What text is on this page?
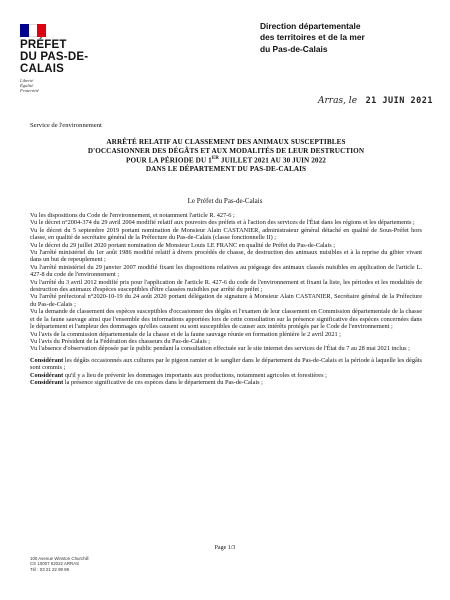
PRÉFET
DU PAS-DE-CALAIS
Liberté
Égalité
Fraternité
Direction départementale
des territoires et de la mer
du Pas-de-Calais
Arras, le 21 JUIN 2021
Service de l'environnement
ARRÊTÉ RELATIF AU CLASSEMENT DES ANIMAUX SUSCEPTIBLES
D'OCCASIONNER DES DÉGÂTS ET AUX MODALITÉS DE LEUR DESTRUCTION
POUR LA PÉRIODE DU 1ER JUILLET 2021 AU 30 JUIN 2022
DANS LE DÉPARTEMENT DU PAS-DE-CALAIS
Le Préfet du Pas-de-Calais

Vu les dispositions du Code de l'environnement, et notamment l'article R. 427-6 ;

Vu le décret n°2004-374 du 29 avril 2004 modifié relatif aux pouvoirs des préfets et à l'action des services de l'État dans les régions et les départements ;

Vu le décret du 5 septembre 2019 portant nomination de Monsieur Alain CASTANIER, administrateur général détaché en qualité de Sous-Préfet hors classe, en qualité de secrétaire général de la Préfecture du Pas-de-Calais (classe fonctionnelle II) ;

Vu le décret du 29 juillet 2020 portant nomination de Monsieur Louis LE FRANC en qualité de Préfet du Pas-de-Calais ;

Vu l'arrêté ministériel du 1er août 1986 modifié relatif à divers procédés de chasse, de destruction des animaux nuisibles et à la reprise du gibier vivant dans un but de repeuplement ;

Vu l'arrêté ministériel du 29 janvier 2007 modifié fixant les dispositions relatives au piégeage des animaux classés nuisibles en application de l'article L. 427-8 du code de l'environnement ;

Vu l'arrêté du 3 avril 2012 modifié pris pour l'application de l'article R. 427-6 du code de l'environnement et fixant la liste, les périodes et les modalités de destruction des animaux d'espèces susceptibles d'être classées nuisibles par arrêté du préfet ;

Vu l'arrêté préfectoral n°2020-10-19 du 24 août 2020 portant délégation de signature à Monsieur Alain CASTANIER, Secrétaire général de la Préfecture du Pas-de-Calais ;

Vu la demande de classement des espèces susceptibles d'occasionner des dégâts et l'examen de leur classement en Commission départementale de la chasse et de la faune sauvage ainsi que l'ensemble des informations apportées lors de cette consultation sur la présence significative des espèces concernées dans le département et l'ampleur des dommages qu'elles causent ou sont susceptibles de causer aux intérêts protégés par le Code de l'environnement ;

Vu l'avis de la commission départementale de la chasse et de la faune sauvage réunie en formation plénière le 2 avril 2021 ;

Vu l'avis du Président de la Fédération des chasseurs du Pas-de-Calais ;

Vu l'absence d'observation déposée par le public pendant la consultation effectuée sur le site internet des services de l'État du 7 au 28 mai 2021 inclus ;

Considérant les dégâts occasionnés aux cultures par le pigeon ramier et le sanglier dans le département du Pas-de-Calais et la période à laquelle les dégâts sont commis ;

Considérant qu'il y a lieu de prévenir les dommages importants aux productions, notamment agricoles et forestières ;

Considérant la présence significative de ces espèces dans le département du Pas-de-Calais ;

Page 1/3
100 Avenue Winston Churchill
CS 10007 62022 ARRAS
Tél : 03 21 22 99 99
